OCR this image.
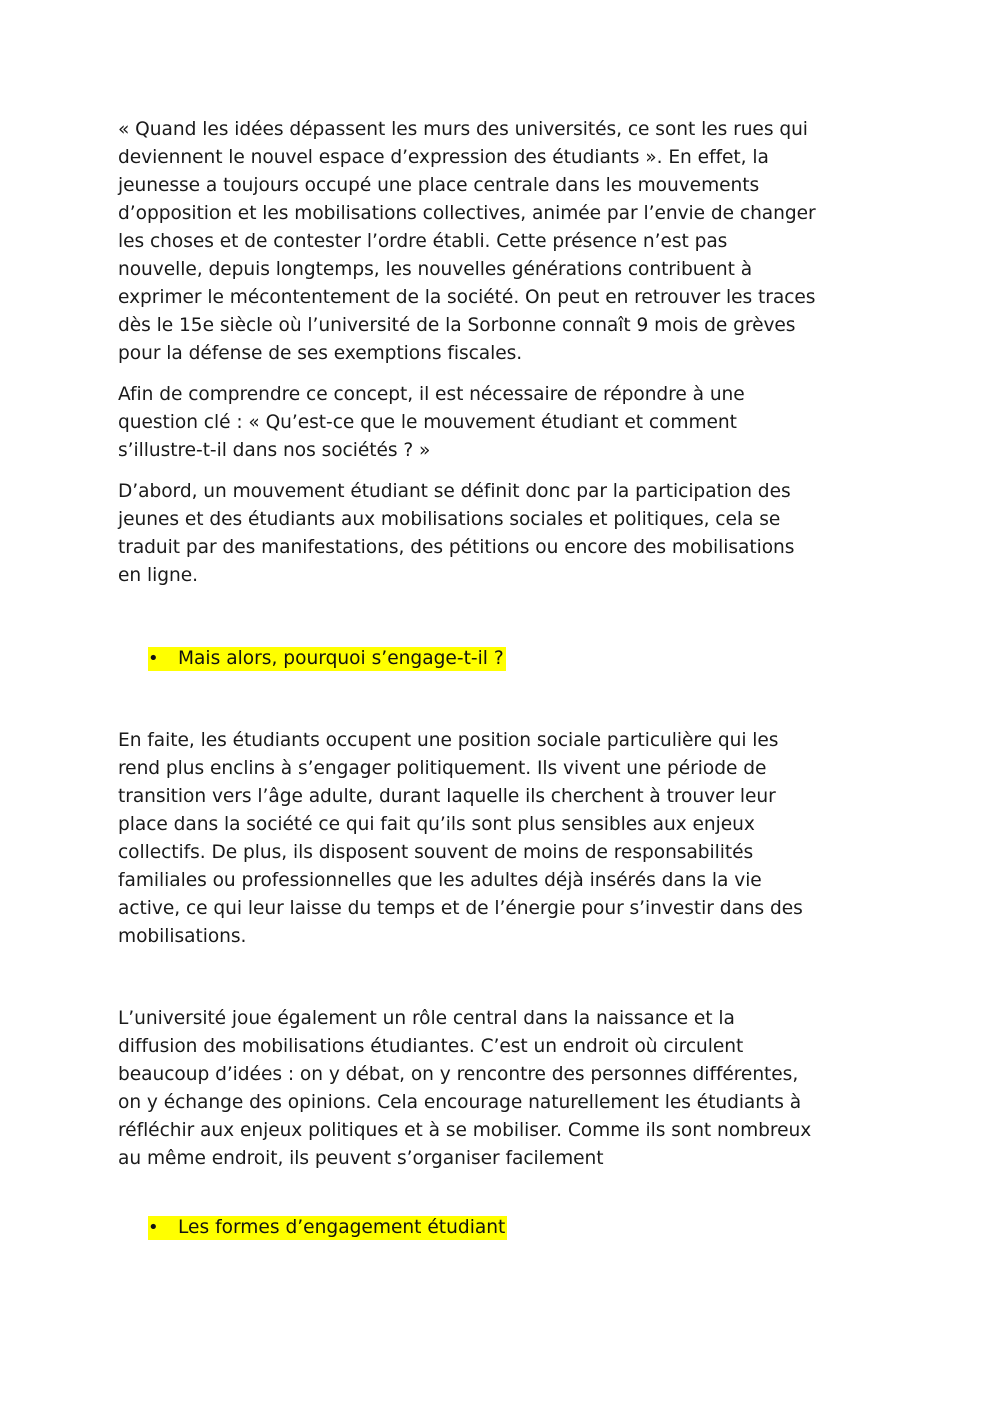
« Quand les idées dépassent les murs des universités, ce sont les rues qui
deviennent le nouvel espace d’expression des étudiants ». En effet, la
jeunesse a toujours occupé une place centrale dans les mouvements
d’opposition et les mobilisations collectives, animée par l’envie de changer
les choses et de contester l’ordre établi. Cette présence n’est pas
nouvelle, depuis longtemps, les nouvelles générations contribuent à
exprimer le mécontentement de la société. On peut en retrouver les traces
dès le 15e siècle où l’université de la Sorbonne connaît 9 mois de grèves
pour la défense de ses exemptions fiscales.

Afin de comprendre ce concept, il est nécessaire de répondre à une
question clé : « Qu’est-ce que le mouvement étudiant et comment
s’illustre-t-il dans nos sociétés ? »

D’abord, un mouvement étudiant se définit donc par la participation des
jeunes et des étudiants aux mobilisations sociales et politiques, cela se
traduit par des manifestations, des pétitions ou encore des mobilisations
en ligne.

•	Mais alors, pourquoi s’engage-t-il ?

En faite, les étudiants occupent une position sociale particulière qui les
rend plus enclins à s’engager politiquement. Ils vivent une période de
transition vers l’âge adulte, durant laquelle ils cherchent à trouver leur
place dans la société ce qui fait qu’ils sont plus sensibles aux enjeux
collectifs. De plus, ils disposent souvent de moins de responsabilités
familiales ou professionnelles que les adultes déjà insérés dans la vie
active, ce qui leur laisse du temps et de l’énergie pour s’investir dans des
mobilisations.

L’université joue également un rôle central dans la naissance et la
diffusion des mobilisations étudiantes. C’est un endroit où circulent
beaucoup d’idées : on y débat, on y rencontre des personnes différentes,
on y échange des opinions. Cela encourage naturellement les étudiants à
réfléchir aux enjeux politiques et à se mobiliser. Comme ils sont nombreux
au même endroit, ils peuvent s’organiser facilement

•	Les formes d’engagement étudiant
